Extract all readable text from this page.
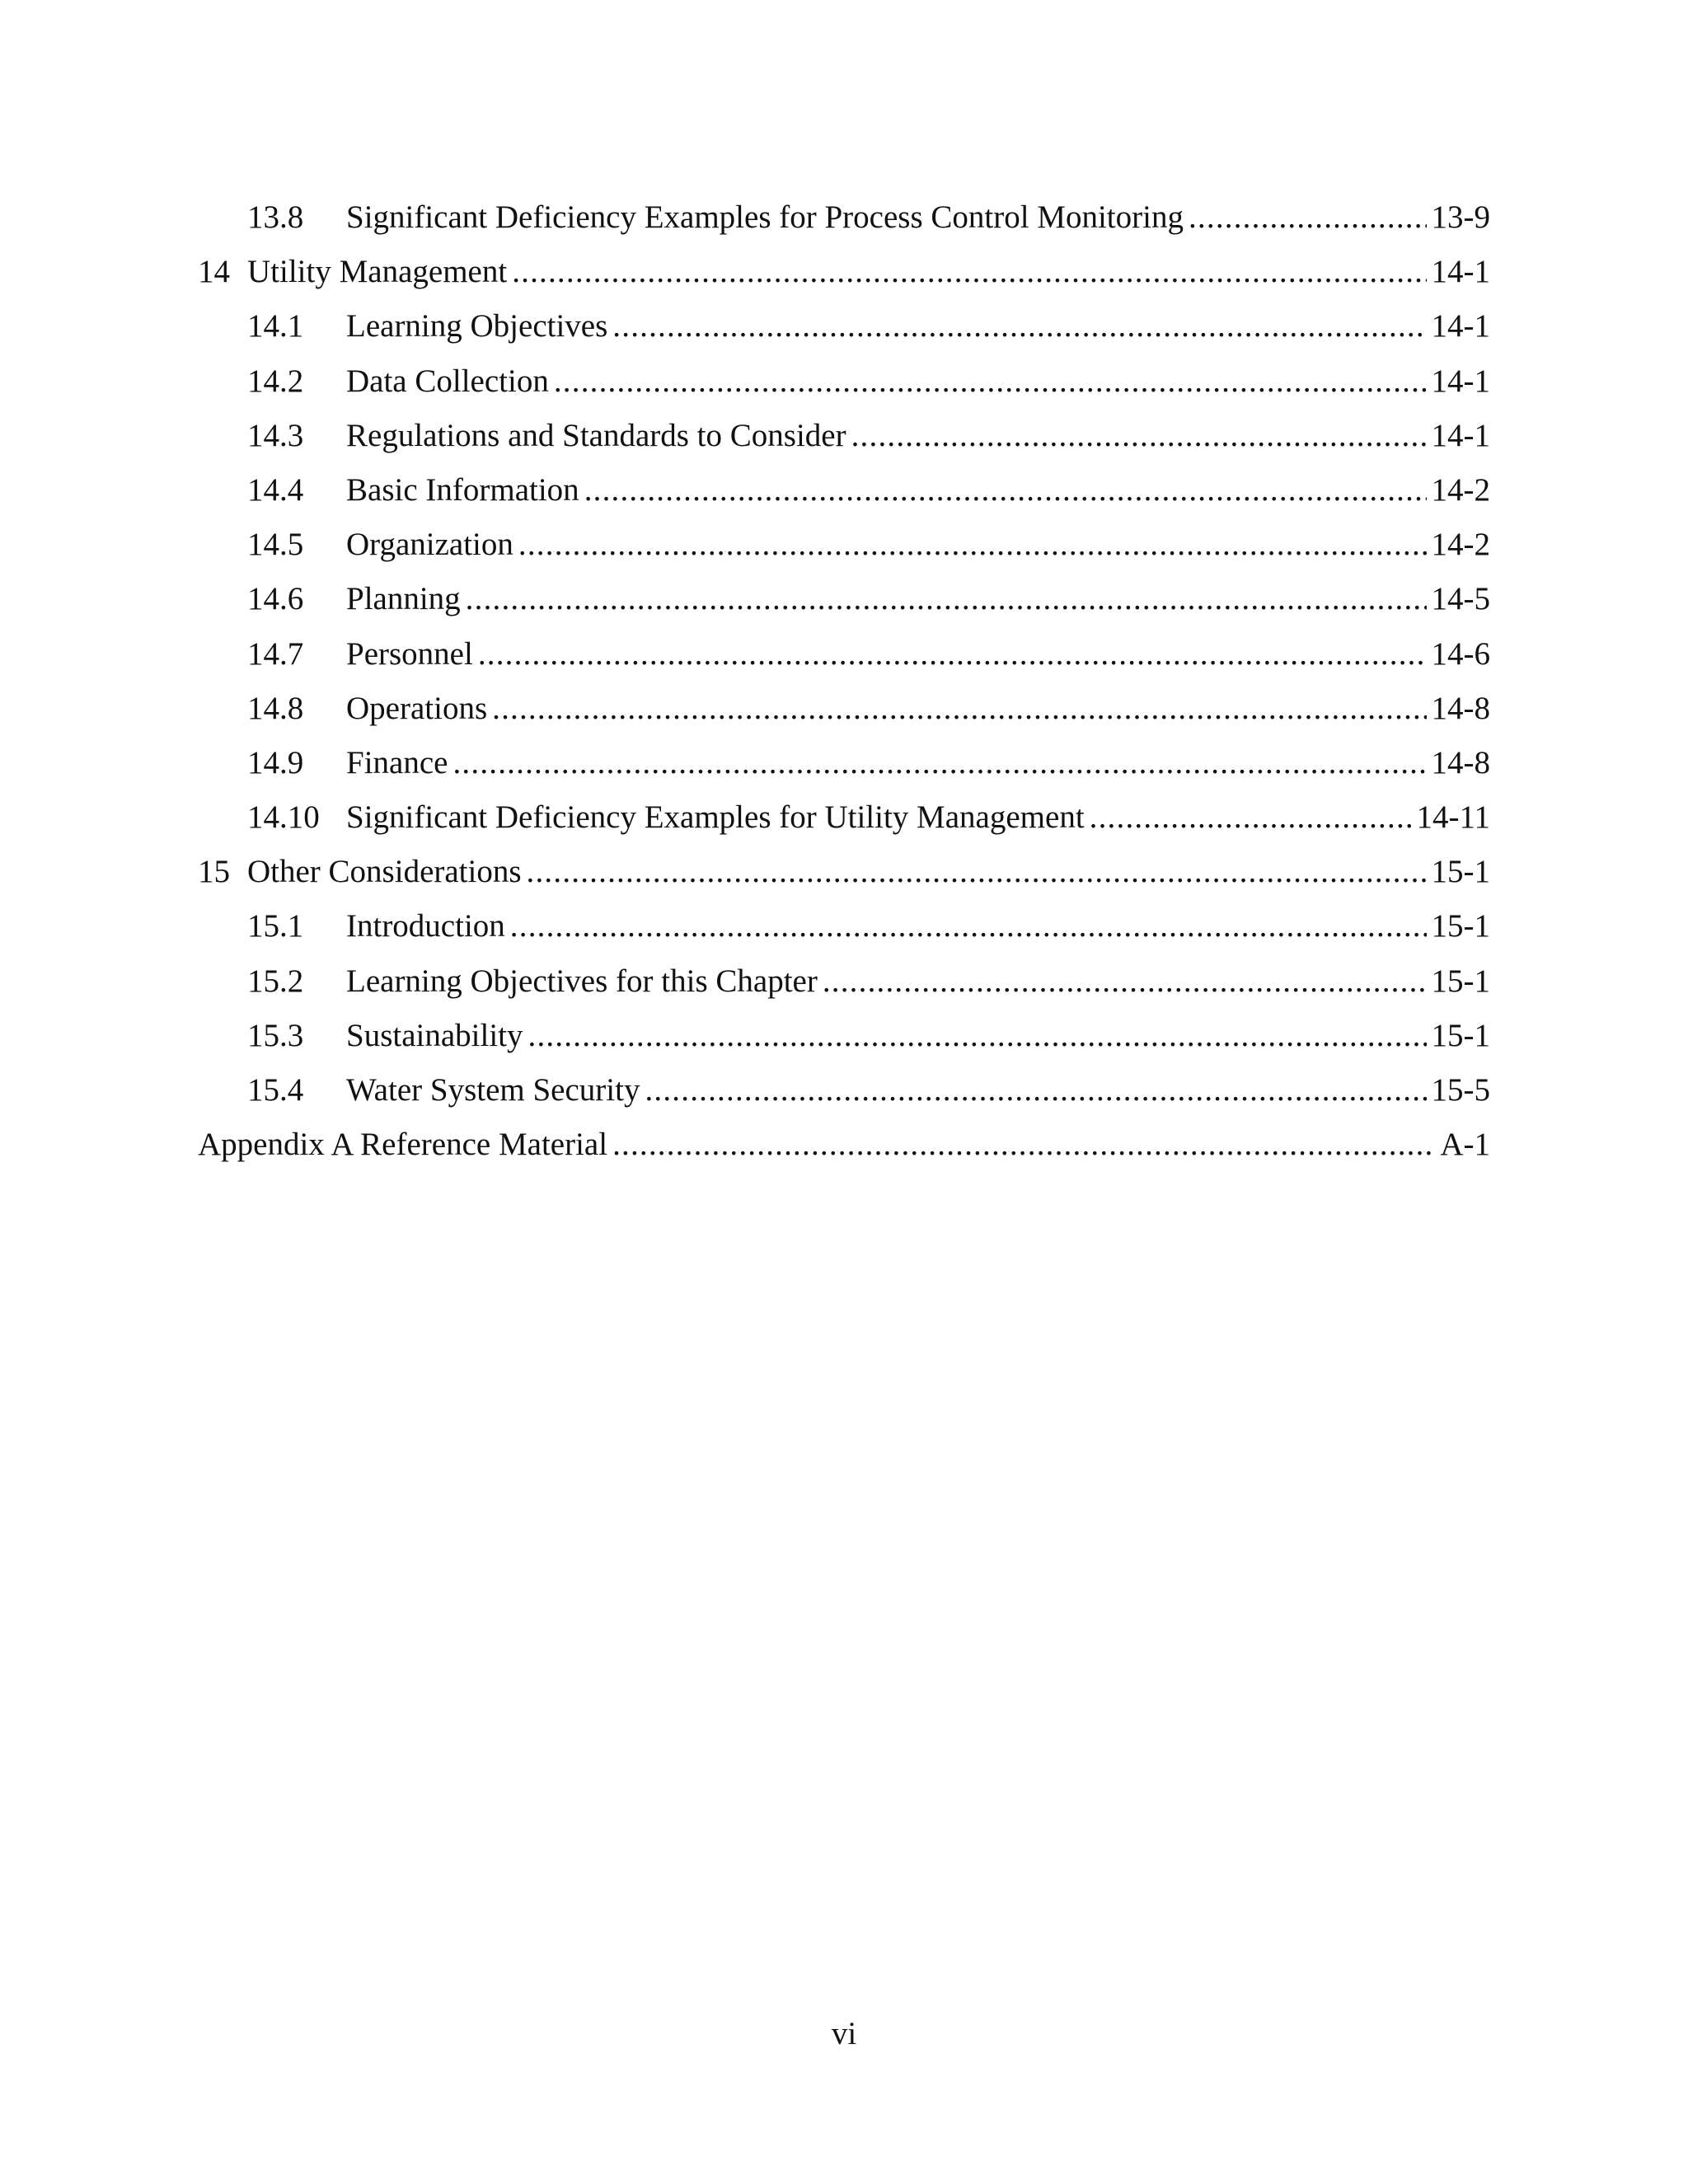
13.8	Significant Deficiency Examples for Process Control Monitoring .....	13-9
14 Utility Management .....	14-1
14.1	Learning Objectives .....	14-1
14.2	Data Collection .....	14-1
14.3	Regulations and Standards to Consider .....	14-1
14.4	Basic Information .....	14-2
14.5	Organization .....	14-2
14.6	Planning .....	14-5
14.7	Personnel .....	14-6
14.8	Operations .....	14-8
14.9	Finance .....	14-8
14.10 Significant Deficiency Examples for Utility Management .....	14-11
15 Other Considerations .....	15-1
15.1	Introduction .....	15-1
15.2	Learning Objectives for this Chapter .....	15-1
15.3	Sustainability .....	15-1
15.4	Water System Security .....	15-5
Appendix A Reference Material .....	A-1
vi
